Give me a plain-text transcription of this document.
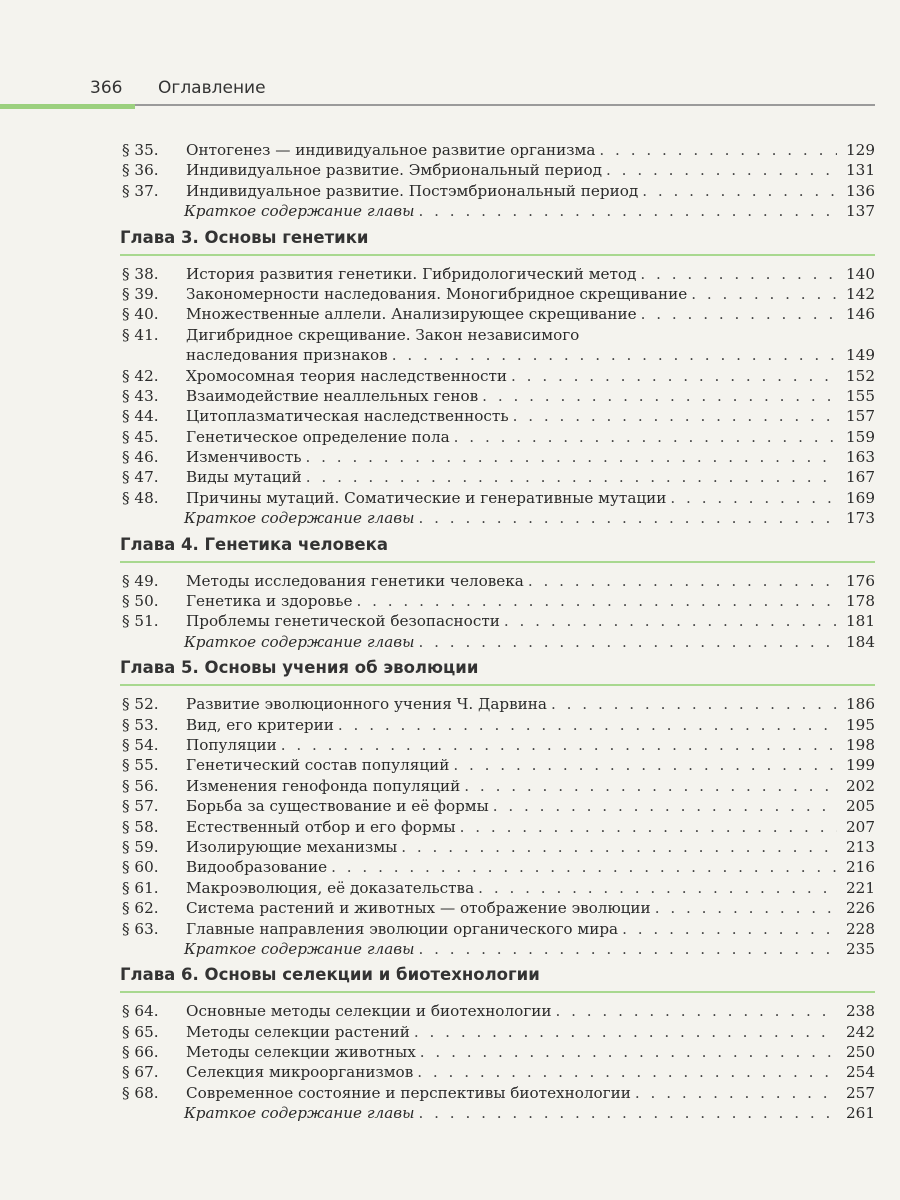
366 Оглавление
§ 35.	Онтогенез — индивидуальное развитие организма . . .	129
§ 36.	Индивидуальное развитие. Эмбриональный период . . .	131
§ 37.	Индивидуальное развитие. Постэмбриональный период . . .	136
Краткое содержание главы . . .	137
Глава 3. Основы генетики
§ 38.	История развития генетики. Гибридологический метод . . .	140
§ 39.	Закономерности наследования. Моногибридное скрещивание . . .	142
§ 40.	Множественные аллели. Анализирующее скрещивание . . .	146
§ 41.	Дигибридное скрещивание. Закон независимого
наследования признаков . . .	149
§ 42.	Хромосомная теория наследственности . . .	152
§ 43.	Взаимодействие неаллельных генов . . .	155
§ 44.	Цитоплазматическая наследственность . . .	157
§ 45.	Генетическое определение пола . . .	159
§ 46.	Изменчивость . . .	163
§ 47.	Виды мутаций . . .	167
§ 48.	Причины мутаций. Соматические и генеративные мутации . . .	169
Краткое содержание главы . . .	173
Глава 4. Генетика человека
§ 49.	Методы исследования генетики человека . . .	176
§ 50.	Генетика и здоровье . . .	178
§ 51.	Проблемы генетической безопасности . . .	181
Краткое содержание главы . . .	184
Глава 5. Основы учения об эволюции
§ 52.	Развитие эволюционного учения Ч. Дарвина . . .	186
§ 53.	Вид, его критерии . . .	195
§ 54.	Популяции . . .	198
§ 55.	Генетический состав популяций . . .	199
§ 56.	Изменения генофонда популяций . . .	202
§ 57.	Борьба за существование и её формы . . .	205
§ 58.	Естественный отбор и его формы . . .	207
§ 59.	Изолирующие механизмы . . .	213
§ 60.	Видообразование . . .	216
§ 61.	Макроэволюция, её доказательства . . .	221
§ 62.	Система растений и животных — отображение эволюции . . .	226
§ 63.	Главные направления эволюции органического мира . . .	228
Краткое содержание главы . . .	235
Глава 6. Основы селекции и биотехнологии
§ 64.	Основные методы селекции и биотехнологии . . .	238
§ 65.	Методы селекции растений . . .	242
§ 66.	Методы селекции животных . . .	250
§ 67.	Селекция микроорганизмов . . .	254
§ 68.	Современное состояние и перспективы биотехнологии . . .	257
Краткое содержание главы . . .	261
